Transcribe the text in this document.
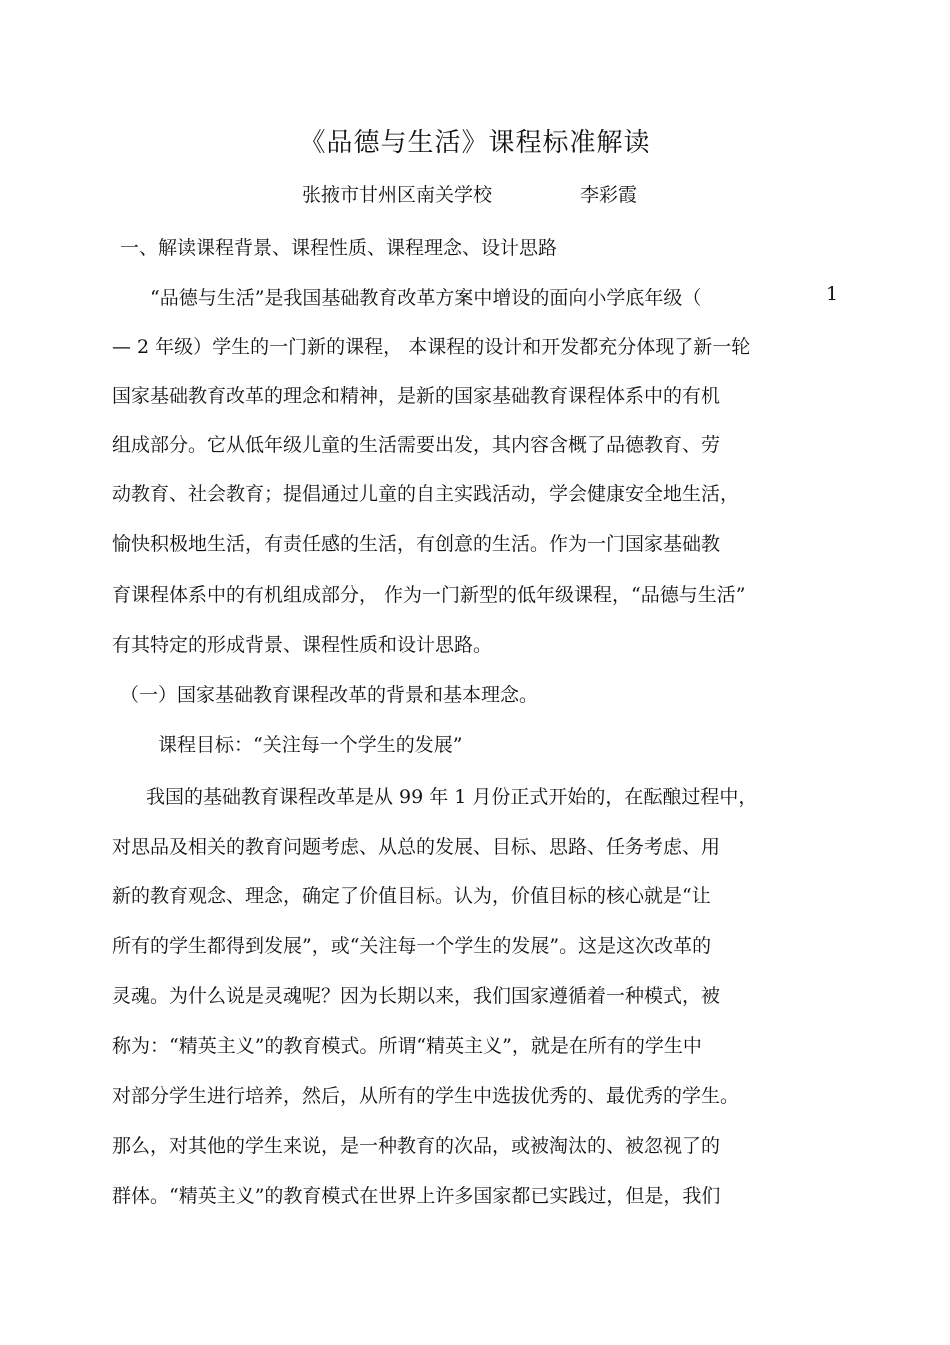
《品德与生活》课程标准解读
张掖市甘州区南关学校	李彩霞
一、解读课程背景、课程性质、课程理念、设计思路
“品德与生活”是我国基础教育改革方案中增设的面向小学底年级（	1
— 2 年级）学生的一门新的课程， 本课程的设计和开发都充分体现了新一轮
国家基础教育改革的理念和精神，是新的国家基础教育课程体系中的有机
组成部分。它从低年级儿童的生活需要出发，其内容含概了品德教育、劳
动教育、社会教育；提倡通过儿童的自主实践活动，学会健康安全地生活，
愉快积极地生活，有责任感的生活，有创意的生活。作为一门国家基础教
育课程体系中的有机组成部分， 作为一门新型的低年级课程，“品德与生活”
有其特定的形成背景、课程性质和设计思路。
（一）国家基础教育课程改革的背景和基本理念。
课程目标：“关注每一个学生的发展”
我国的基础教育课程改革是从 99 年 1 月份正式开始的，在酝酿过程中，
对思品及相关的教育问题考虑、从总的发展、目标、思路、任务考虑、用
新的教育观念、理念，确定了价值目标。认为，价值目标的核心就是“让
所有的学生都得到发展”，或“关注每一个学生的发展”。这是这次改革的
灵魂。为什么说是灵魂呢？因为长期以来，我们国家遵循着一种模式，被
称为：“精英主义”的教育模式。所谓“精英主义”，就是在所有的学生中
对部分学生进行培养，然后，从所有的学生中选拔优秀的、最优秀的学生。
那么，对其他的学生来说，是一种教育的次品，或被淘汰的、被忽视了的
群体。“精英主义”的教育模式在世界上许多国家都已实践过，但是，我们
